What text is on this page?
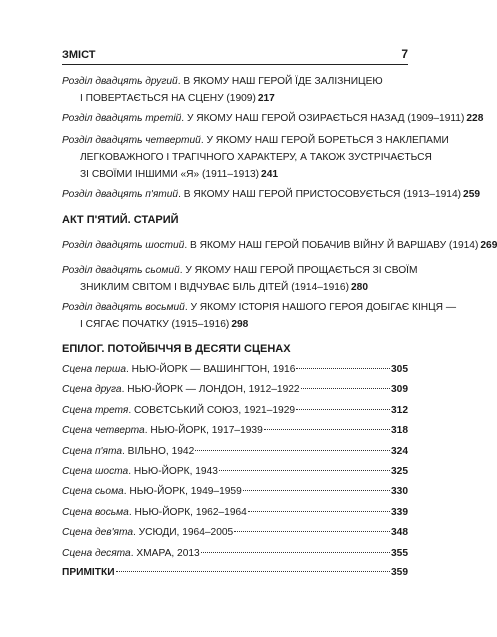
ЗМІСТ	7
Розділ двадцять другий. В ЯКОМУ НАШ ГЕРОЙ ЇДЕ ЗАЛІЗНИЦЕЮ
І ПОВЕРТАЄТЬСЯ НА СЦЕНУ (1909) 217
Розділ двадцять третій. У ЯКОМУ НАШ ГЕРОЙ ОЗИРАЄТЬСЯ НАЗАД (1909–1911) 228
Розділ двадцять четвертий. У ЯКОМУ НАШ ГЕРОЙ БОРЕТЬСЯ З НАКЛЕПАМИ
ЛЕГКОВАЖНОГО І ТРАГІЧНОГО ХАРАКТЕРУ, А ТАКОЖ ЗУСТРІЧАЄТЬСЯ
ЗІ СВОЇМИ ІНШИМИ «Я» (1911–1913) 241
Розділ двадцять п'ятий. В ЯКОМУ НАШ ГЕРОЙ ПРИСТОСОВУЄТЬСЯ (1913–1914) 259
АКТ П'ЯТИЙ. СТАРИЙ
Розділ двадцять шостий. В ЯКОМУ НАШ ГЕРОЙ ПОБАЧИВ ВІЙНУ Й ВАРШАВУ (1914) 269
Розділ двадцять сьомий. У ЯКОМУ НАШ ГЕРОЙ ПРОЩАЄТЬСЯ ЗІ СВОЇМ
ЗНИКЛИМ СВІТОМ І ВІДЧУВАЄ БІЛЬ ДІТЕЙ (1914–1916) 280
Розділ двадцять восьмий. У ЯКОМУ ІСТОРІЯ НАШОГО ГЕРОЯ ДОБІГАЄ КІНЦЯ —
І СЯГАЄ ПОЧАТКУ (1915–1916) 298
ЕПІЛОГ. ПОТОЙБІЧЧЯ В ДЕСЯТИ СЦЕНАХ
Сцена перша. НЬЮ-ЙОРК — ВАШИНГТОН, 1916	305
Сцена друга. НЬЮ-ЙОРК — ЛОНДОН, 1912–1922	309
Сцена третя. СОВЄТСЬКИЙ СОЮЗ, 1921–1929	312
Сцена четверта. НЬЮ-ЙОРК, 1917–1939	318
Сцена п'ята. ВІЛЬНО, 1942	324
Сцена шоста. НЬЮ-ЙОРК, 1943	325
Сцена сьома. НЬЮ-ЙОРК, 1949–1959	330
Сцена восьма. НЬЮ-ЙОРК, 1962–1964	339
Сцена дев'ята. УСЮДИ, 1964–2005	348
Сцена десята. ХМАРА, 2013	355
ПРИМІТКИ	359
